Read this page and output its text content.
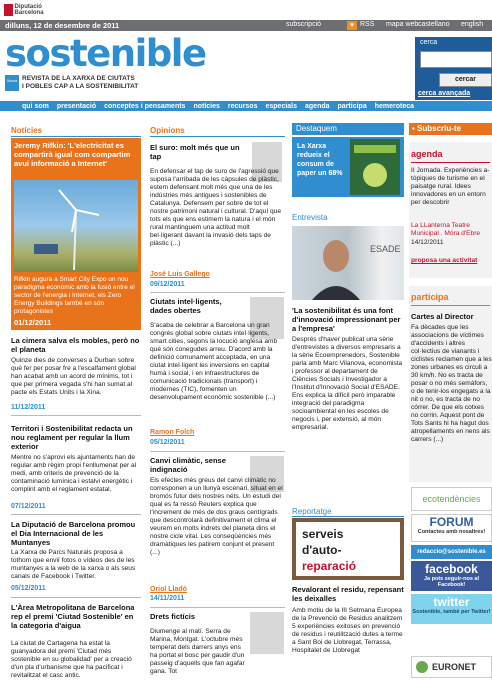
Diputació Barcelona
dilluns, 12 de desembre de 2011	subscripció	◉ RSS mapa web castellano english
sostenible
Xarxa REVISTA DE LA XARXA DE CIUTATS
I POBLES CAP A LA SOSTENIBILITAT
cerca
cercar
cerca avançada
qui som presentació conceptes i pensaments notícies recursos especials agenda participa hemeroteca
Notícies
Jeremy Rifkin: 'L'electricitat es compartirà igual com compartim avui informació a Internet'
Rifkin augura a Smart City Expo un nou paradigma econòmic amb la fusió entre el sector de l'energia i Internet, els Zero Energy Buildings també en són protagonistes
01/12/2011
La cimera salva els mobles, però no el planeta
Quinze dies de converses a Durban sobre què fer per posar fre a l'escalfament global han acabat amb un acord de mínims, tot i que per primera vegada s'hi han sumat al pacte els Estats Units i la Xina.
11/12/2011
Territori i Sostenibilitat redacta un nou reglament per regular la llum exterior
Mentre no s'aprovi els ajuntaments han de regular amb règim propi l'enllumenat per al medi, amb criteris de prevenció de la contaminació lumínica i estalvi energètic i complint amb el reglament estatal.
07/12/2011
La Diputació de Barcelona promou el Dia Internacional de les Muntanyes
La Xarxa de Parcs Naturals proposa a tothom que enviï fotos o vídeos des de les muntanyes a la web de la xarxa o als seus canals de Facebook i Twitter.
05/12/2011
L'Àrea Metropolitana de Barcelona rep el premi 'Ciutad Sostenible' en la categoria d'aigua
La ciutat de Cartagena ha estat la guanyadora del premi 'Ciutad més sostenible en su globalidad' per a creació d'un pla d'urbanisme que ha pacificat i revitalitzat el casc antic.
Opinions
El suro: molt més que un tap
En defensar el tap de suro de l'agressió que suposa l'arribada de les càpsules de plàstic, estem defensant molt més que una de les indústries més antigues i sostenibles de Catalunya. Defensem per sobre de tot el nostre patrimoni natural i cultural. D'aquí que tots els que ens estimem la natura i el món rural mantinguem una actitud molt bel·ligerant davant la invasió dels taps de plàstic (...)
José Luis Gallego
09/12/2011
Ciutats intel·ligents, dades obertes
S'acaba de celebrar a Barcelona un gran congrés global sobre ciutats intel·ligents, smart cities, segons la locució anglesa amb què són conegudes arreu. D'acord amb la definició comunament acceptada, en una ciutat intel·ligent les inversions en capital humà i social, i en infraestructures de comunicació tradicionals (transport) i modernes (TIC), fomenten un desenvolupament econòmic sostenible (...)
Ramon Folch
05/12/2011
Canvi climàtic, sense indignació
Els efectes més greus del canvi climàtic no corresponen a un llunyà escenari, situat en el bromós futur dels nostres néts. Un estudi del qual es fa ressò Reuters explica que l'increment de més de dos graus centígrads que descontrolarà definitivament el clima el veurem en molts indrets del planeta dins el nostre cicle vital. Les conseqüències més dramàtiques les patirem conjunt el present (...)
Oriol Lladó
14/11/2011
Drets fictícis
Diumenge al matí. Serra de Marina, Montgat. L'octubre més temperat dels darrers anys ens ha portat el bosc per gaudir d'un passeig d'aquells que fan agafar gana. Tot
Destaquem
La Xarxa redueix el consum de paper un 68%
Entrevista
ESADE
'La sostenibilitat és una font d'innovació impressionant per a l'empresa'
Després d'haver publicat una sèrie d'entrevistes a diversos empresaris a la sèrie Ecoemprenedors, Sostenible parla amb Marc Vilanova, economista i professor al departament de Ciències Socials i Investigador a l'Institut d'Innovació Social d'ESADE. Ens explica la difícil però imparable integració del paradigma socioambiental en les escoles de negocis i, per extensió, al món empresarial.
Reportatge
serveis
d'auto-
reparació
Revalorant el residu, repensant les deixalles
Amb motiu de la III Setmana Europea de la Prevenció de Residus analitzem 5 experiències exitoses en prevenció de residus i reutilització dutes a terme a Sant Boi de Llobregat, Terrassa, Hospitalet de Llobregat
▪ Subscriu-te
agenda
II Jornada. Experiències a-tòpiques de turisme en el paisatge rural. Idees innovadores en un entorn per descobrir
La LLanterna Teatre Municipal . Móra d'Ebre
14/12/2011
proposa una activitat
participa
Cartes al Director
Fa dècades que les associacions de víctimes d'accidents i altres col·lectius de vianants i ciclistes reclamen que a les zones urbanes es circuli a 30 km/h. No es tracta de posar o no més semàfors, o de tenir-los engegats a la nit o no, es tracta de no córrer. De que els cotxes no corrin. Aquest pont de Tots Sants hi ha hagut dos atropellaments en nens als carrers (...)
ecotendències
FORUM
Contacteu amb nosaltres!
redaccio@sostenible.es
facebook
Ja pots seguir-nos al Facebook!
twitter
Sostenible, també per Twitter!
EURONET
